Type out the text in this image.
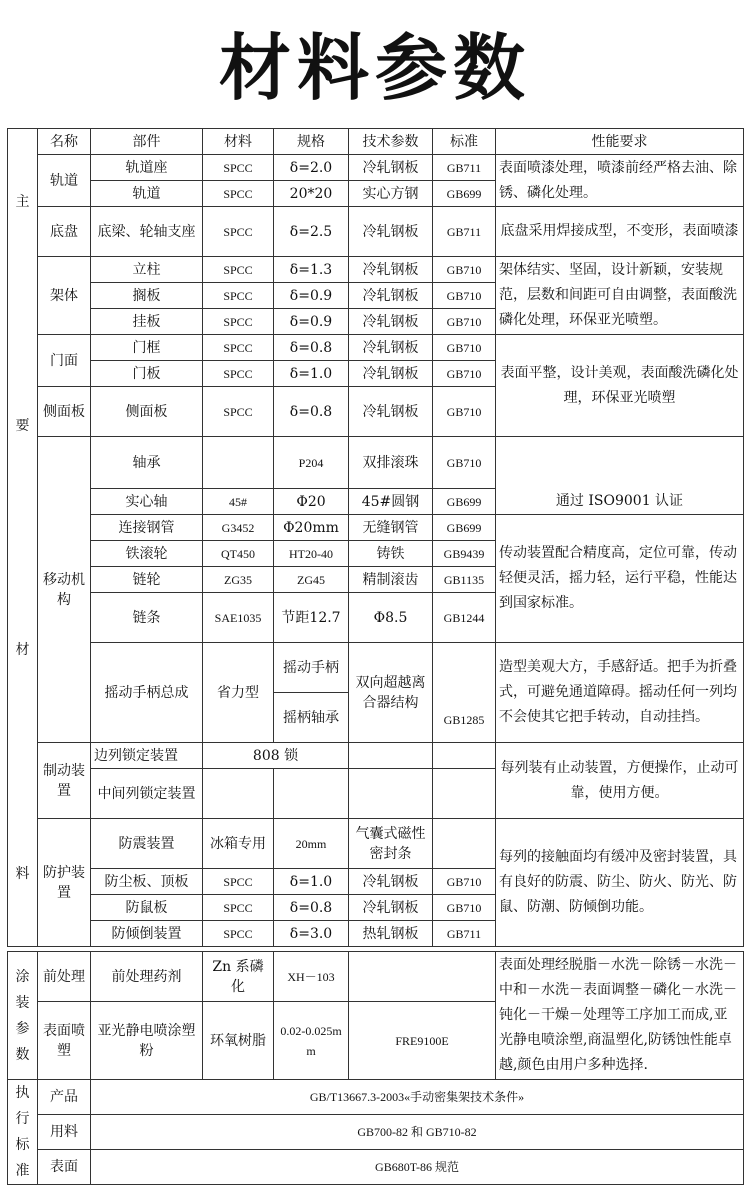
材料参数
主
要
材
料	名称	部件	材料	规格	技术参数	标准	性能要求
	轨道	轨道座	SPCC	δ=2.0	冷轧钢板	GB711	表面喷漆处理，喷漆前经严格去油、除锈、磷化处理。
		轨道	SPCC	20*20	实心方钢	GB699	
	底盘	底梁、轮轴支座	SPCC	δ=2.5	冷轧钢板	GB711	底盘采用焊接成型，不变形，表面喷漆
	架体	立柱	SPCC	δ=1.3	冷轧钢板	GB710	架体结实、坚固，设计新颖，安装规范，层数和间距可自由调整，表面酸洗磷化处理，环保亚光喷塑。
		搁板	SPCC	δ=0.9	冷轧钢板	GB710	
		挂板	SPCC	δ=0.9	冷轧钢板	GB710	
	门面	门框	SPCC	δ=0.8	冷轧钢板	GB710	表面平整，设计美观，表面酸洗磷化处理，环保亚光喷塑
		门板	SPCC	δ=1.0	冷轧钢板	GB710	
	侧面板	侧面板	SPCC	δ=0.8	冷轧钢板	GB710	
	移动机构	轴承		P204	双排滚珠	GB710	通过 ISO9001 认证
		实心轴	45#	Φ20	45#圆钢	GB699	
		连接钢管	G3452	Φ20mm	无缝钢管	GB699	传动装置配合精度高，定位可靠，传动轻便灵活，摇力轻，运行平稳，性能达到国家标准。
		铁滚轮	QT450	HT20-40	铸铁	GB9439	
		链轮	ZG35	ZG45	精制滚齿	GB1135	
		链条	SAE1035	节距12.7	Φ8.5	GB1244	
		摇动手柄总成	省力型	摇动手柄	双向超越离合器结构	GB1285	造型美观大方，手感舒适。把手为折叠式，可避免通道障碍。摇动任何一列均不会使其它把手转动，自动挂挡。
				摇柄轴承			
	制动装置	边列锁定装置	808 锁				每列装有止动装置，方便操作，止动可靠，使用方便。
		中间列锁定装置					
	防护装置	防震装置	冰箱专用	20mm	气囊式磁性密封条		每列的接触面均有缓冲及密封装置，具有良好的防震、防尘、防火、防光、防鼠、防潮、防倾倒功能。
		防尘板、顶板	SPCC	δ=1.0	冷轧钢板	GB710	
		防鼠板	SPCC	δ=0.8	冷轧钢板	GB710	
		防倾倒装置	SPCC	δ=3.0	热轧钢板	GB711	
涂
装
参
数	前处理	前处理药剂	Zn 系磷化	XH－103		表面处理经脱脂－水洗－除锈－水洗－中和－水洗－表面调整－磷化－水洗－钝化－干燥－处理等工序加工而成,亚光静电喷涂塑,商温塑化,防锈蚀性能卓越,颜色由用户多种选择.
	表面喷塑	亚光静电喷涂塑粉	环氧树脂	0.02-0.025mm	FRE9100E	
执行标准	产品	GB/T13667.3-2003«手动密集架技术条件»				
	用料	GB700-82 和 GB710-82				
	表面	GB680T-86 规范				
